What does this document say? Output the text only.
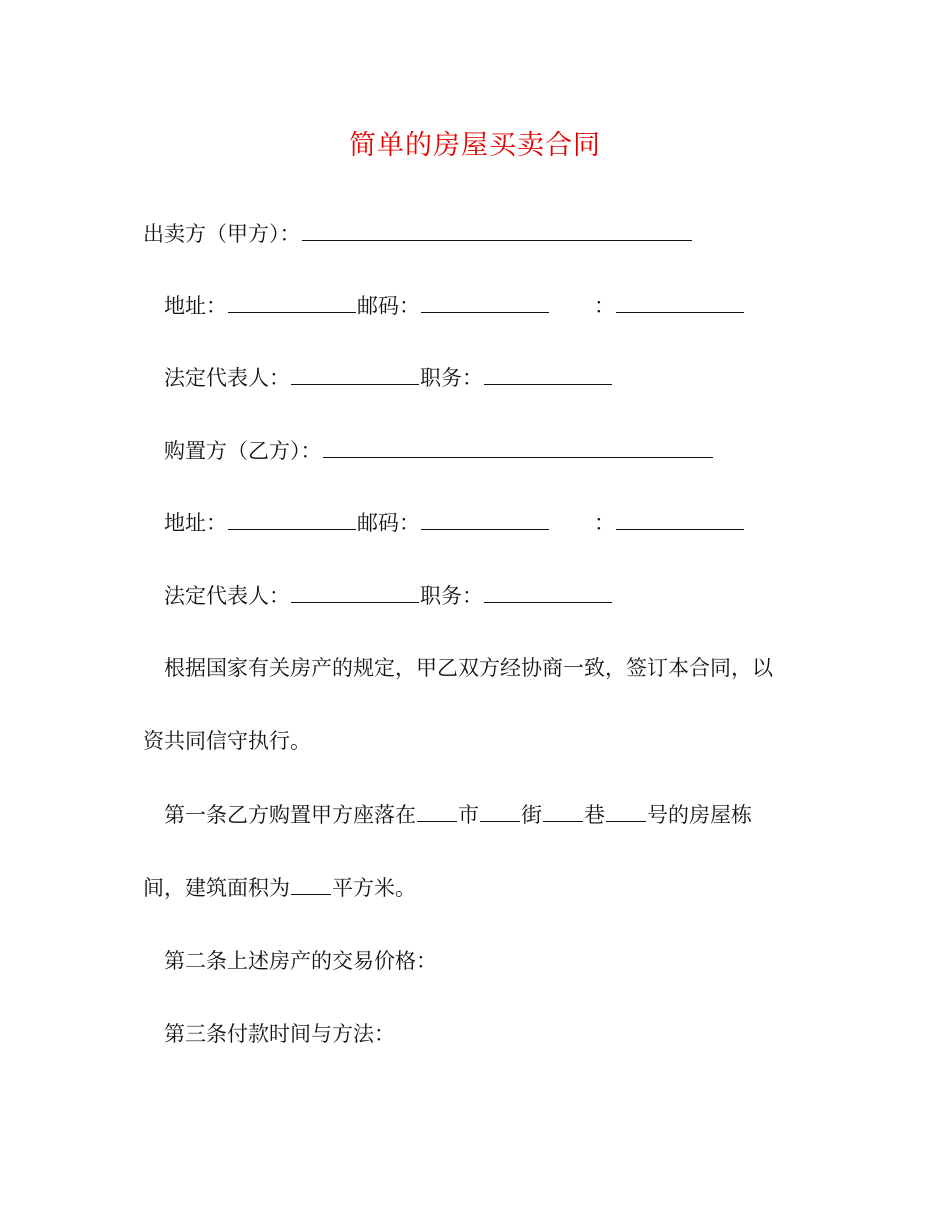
简单的房屋买卖合同
出卖方（甲方）：
地址：	邮码：	：
法定代表人：	职务：
购置方（乙方）：
地址：	邮码：	：
法定代表人：	职务：
根据国家有关房产的规定，甲乙双方经协商一致，签订本合同，以
资共同信守执行。
第一条乙方购置甲方座落在 市 街 巷 号的房屋栋
间，建筑面积为 平方米。
第二条上述房产的交易价格：
第三条付款时间与方法：
